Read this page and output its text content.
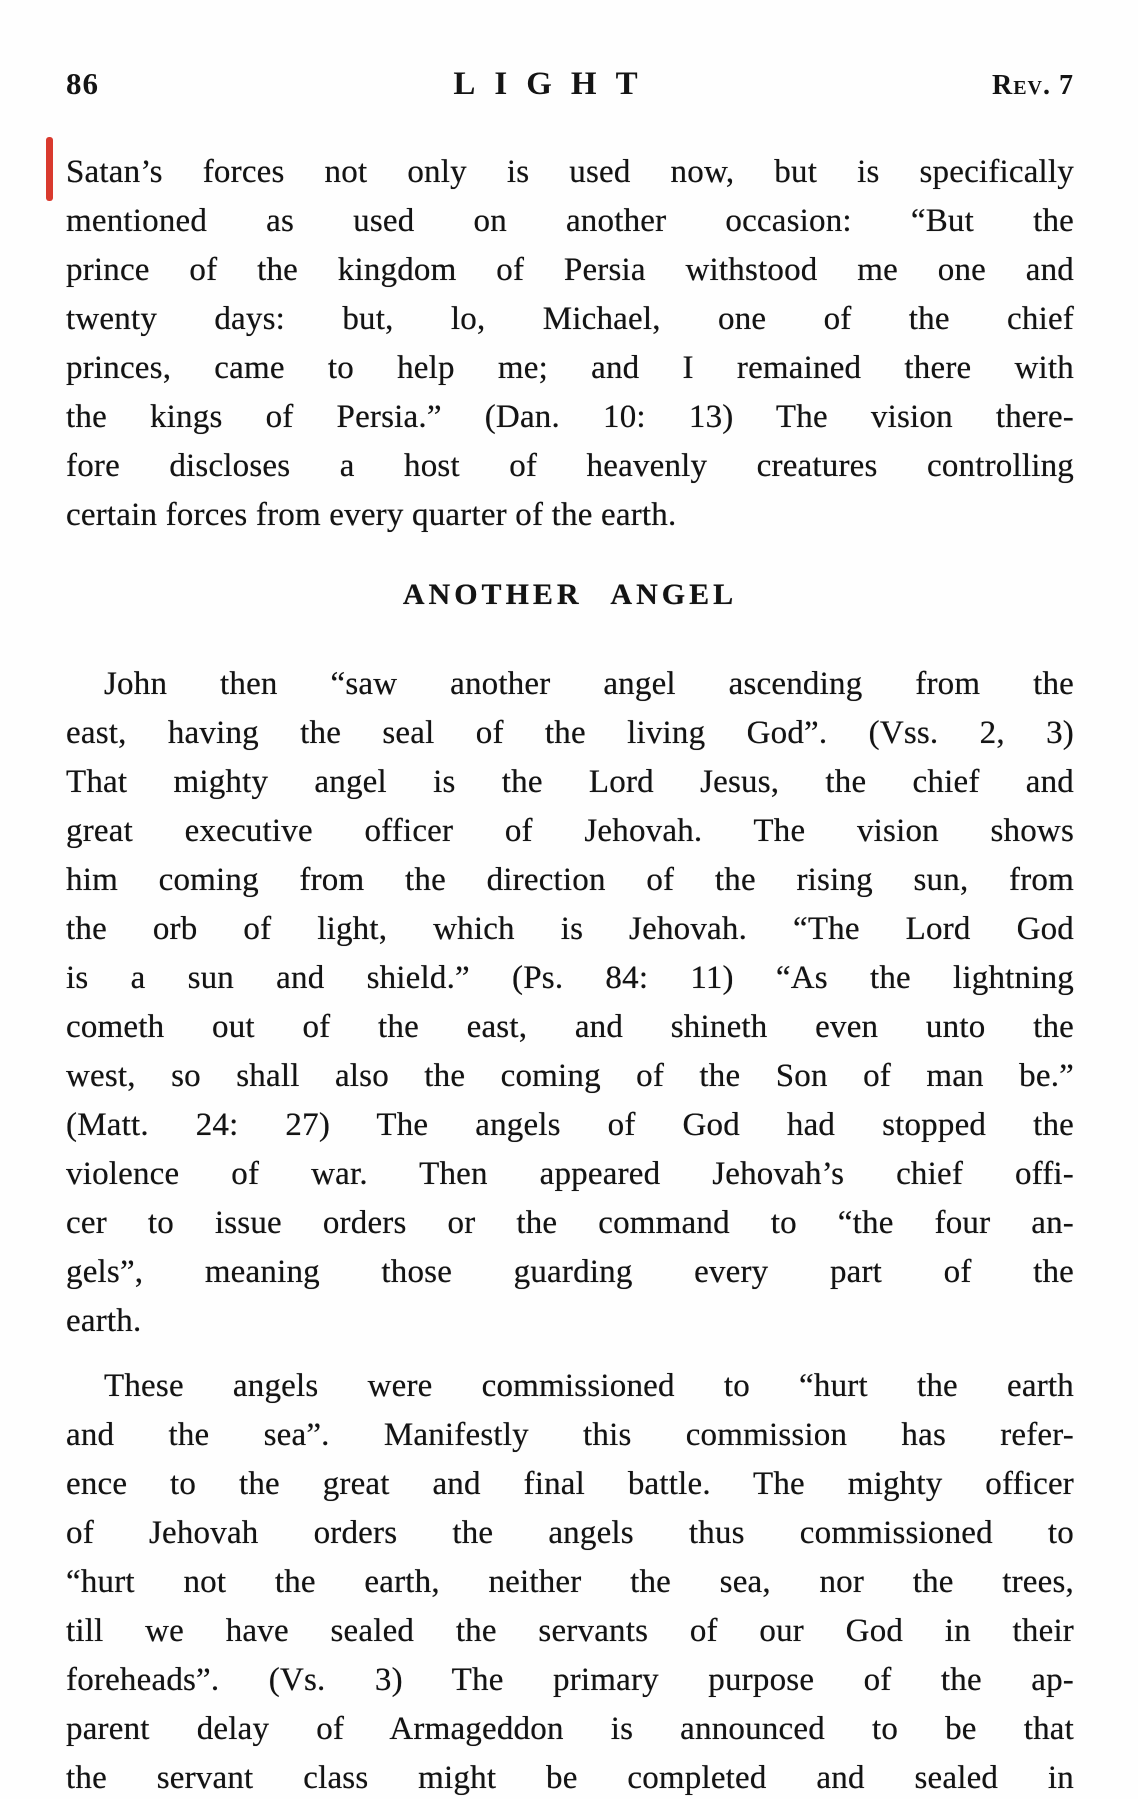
86	LIGHT	Rev. 7
Satan’s forces not only is used now, but is specifically
mentioned as used on another occasion: “But the
prince of the kingdom of Persia withstood me one and
twenty days: but, lo, Michael, one of the chief
princes, came to help me; and I remained there with
the kings of Persia.” (Dan. 10: 13) The vision there-
fore discloses a host of heavenly creatures controlling
certain forces from every quarter of the earth.
ANOTHER ANGEL
John then “saw another angel ascending from the
east, having the seal of the living God”. (Vss. 2, 3)
That mighty angel is the Lord Jesus, the chief and
great executive officer of Jehovah. The vision shows
him coming from the direction of the rising sun, from
the orb of light, which is Jehovah. “The Lord God
is a sun and shield.” (Ps. 84: 11) “As the lightning
cometh out of the east, and shineth even unto the
west, so shall also the coming of the Son of man be.”
(Matt. 24: 27) The angels of God had stopped the
violence of war. Then appeared Jehovah’s chief offi-
cer to issue orders or the command to “the four an-
gels”, meaning those guarding every part of the
earth.
These angels were commissioned to “hurt the earth
and the sea”. Manifestly this commission has refer-
ence to the great and final battle. The mighty officer
of Jehovah orders the angels thus commissioned to
“hurt not the earth, neither the sea, nor the trees,
till we have sealed the servants of our God in their
foreheads”. (Vs. 3) The primary purpose of the ap-
parent delay of Armageddon is announced to be that
the servant class might be completed and sealed in
